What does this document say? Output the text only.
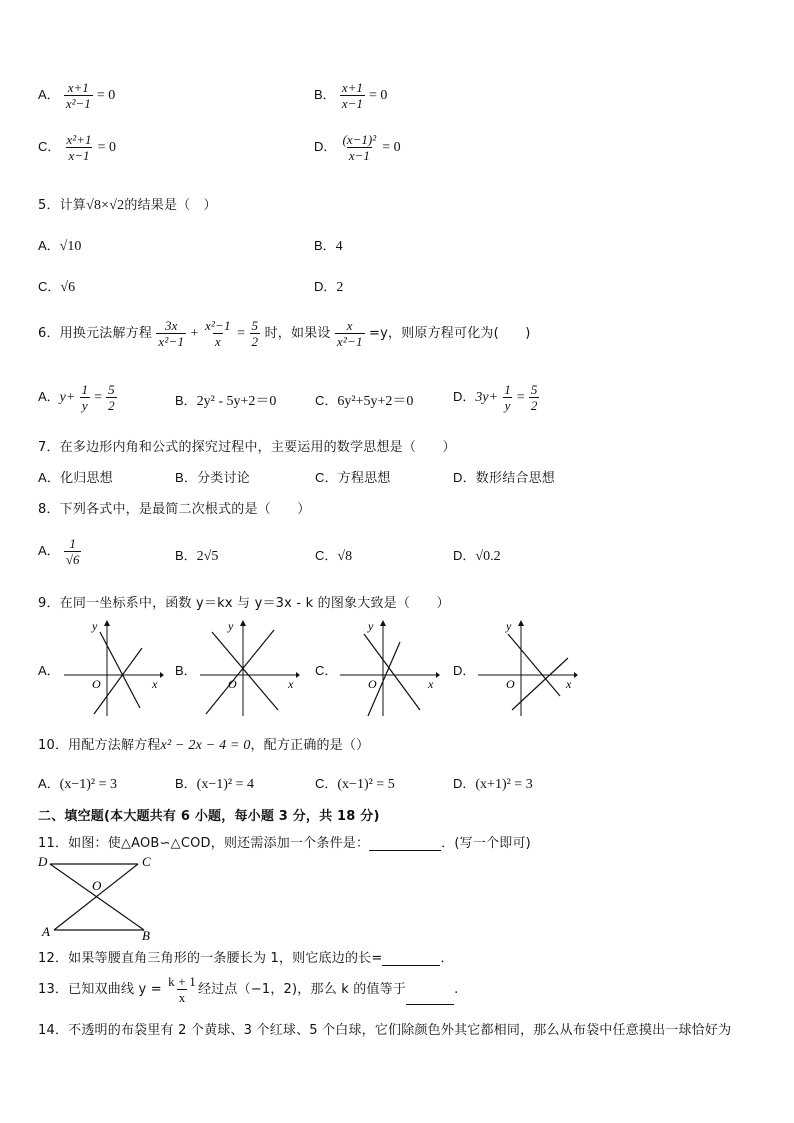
A． $\frac{x+1}{\text{x²−1}} = 0$	B． $\frac{x+1}{x-1} = 0$
C． $\frac{\text{x²+1}}{x-1} = 0$	D． $\frac{\text{(x−1)²}}{x-1} = 0$
5．计算√8×√2的结果是（　）
A．√10	B．4
C．√6	D．2
6．用换元法解方程 $\frac{3x}{\text{x²−1}} + \frac{\text{x²−1}}{x} = \frac{5}{2}$ 时，如果设 $\frac{x}{\text{x²−1}} =y$，则原方程可化为(　　)
A．$y+ \frac{1}{y} = \frac{5}{2}$	B．2y² - 5y+2＝0	C．6y²+5y+2＝0	D．$3y+ \frac{1}{y} = \frac{5}{2}$
7．在多边形内角和公式的探究过程中，主要运用的数学思想是（　　）
A．化归思想	B．分类讨论	C．方程思想	D．数形结合思想
8．下列各式中，是最简二次根式的是（　　）
A． $\frac{1}{√6}$	B．2√5	C．√8	D．√0.2
9．在同一坐标系中，函数 y＝kx 与 y＝3x - k 的图象大致是（　　）
A．
x
y
O
B．
x
y
O
C．
x
y
O
D．
x
y
O
10．用配方法解方程x² − 2x − 4 = 0，配方正确的是（）
A．(x−1)² = 3	B．(x−1)² = 4	C．(x−1)² = 5	D．(x+1)² = 3
二、填空题(本大题共有 6 小题，每小题 3 分，共 18 分)
11．如图：使△AOB∽△COD，则还需添加一个条件是：	．(写一个即可)
D	C
O
A	B
12．如果等腰直角三角形的一条腰长为 1，则它底边的长=	．
13．已知双曲线 $y = \frac{k + 1}{x}$ 经过点（−1，2)，那么 k 的值等于	.
14．不透明的布袋里有 2 个黄球、3 个红球、5 个白球，它们除颜色外其它都相同，那么从布袋中任意摸出一球恰好为
